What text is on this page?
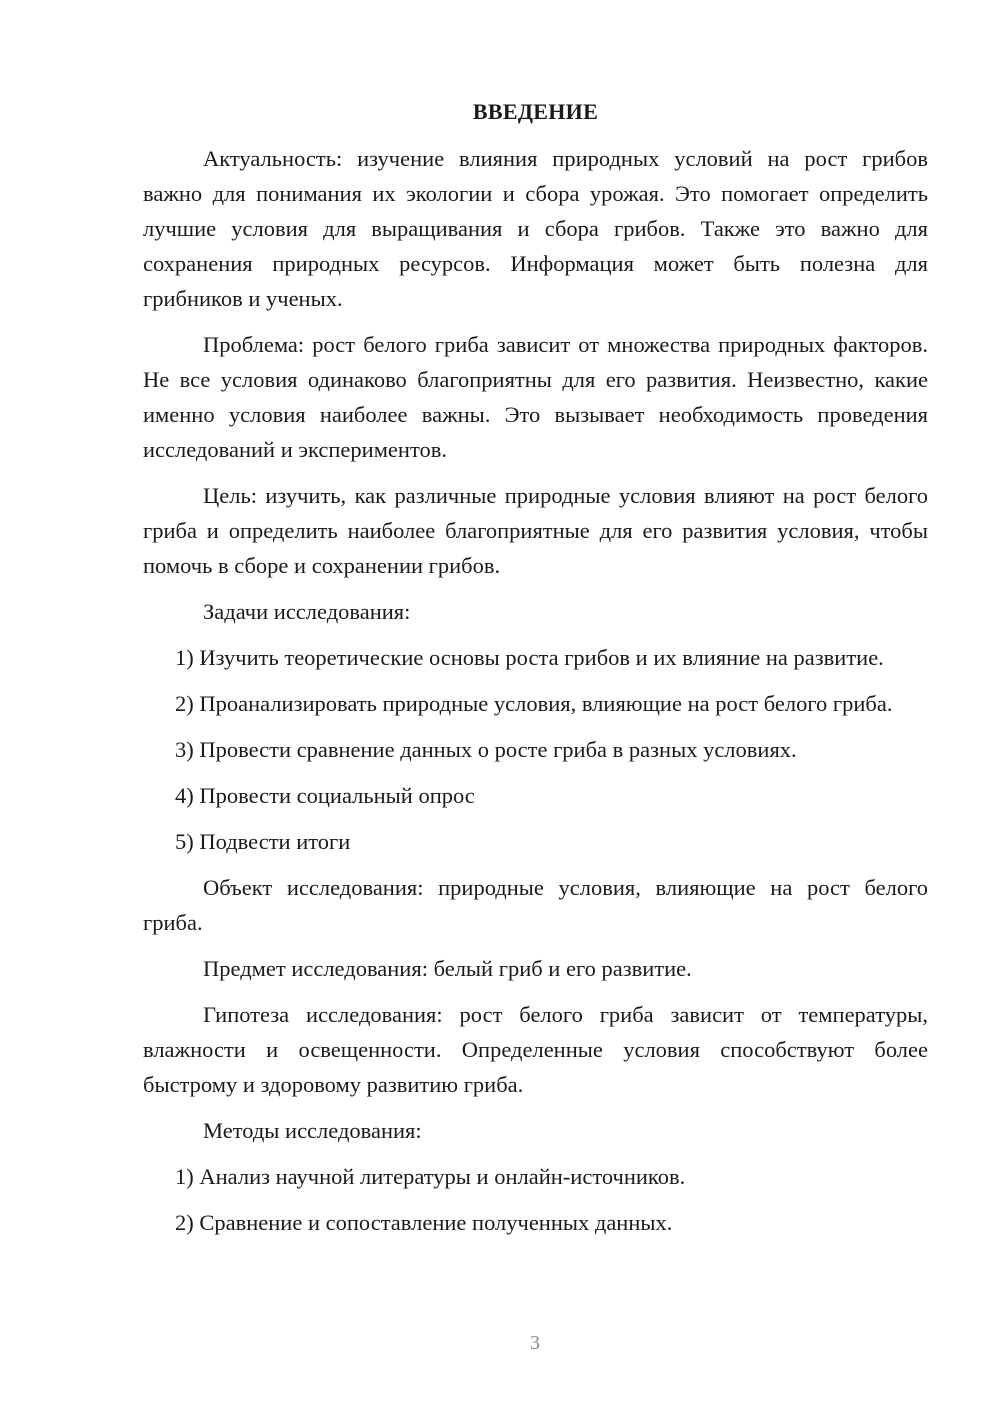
ВВЕДЕНИЕ

Актуальность: изучение влияния природных условий на рост грибов важно для понимания их экологии и сбора урожая. Это помогает определить лучшие условия для выращивания и сбора грибов. Также это важно для сохранения природных ресурсов. Информация может быть полезна для грибников и ученых.

Проблема: рост белого гриба зависит от множества природных факторов. Не все условия одинаково благоприятны для его развития. Неизвестно, какие именно условия наиболее важны. Это вызывает необходимость проведения исследований и экспериментов.

Цель: изучить, как различные природные условия влияют на рост белого гриба и определить наиболее благоприятные для его развития условия, чтобы помочь в сборе и сохранении грибов.

Задачи исследования:

1) Изучить теоретические основы роста грибов и их влияние на развитие.

2) Проанализировать природные условия, влияющие на рост белого гриба.

3) Провести сравнение данных о росте гриба в разных условиях.

4) Провести социальный опрос

5) Подвести итоги

Объект исследования: природные условия, влияющие на рост белого гриба.

Предмет исследования: белый гриб и его развитие.

Гипотеза исследования: рост белого гриба зависит от температуры, влажности и освещенности. Определенные условия способствуют более быстрому и здоровому развитию гриба.

Методы исследования:

1) Анализ научной литературы и онлайн-источников.

2) Сравнение и сопоставление полученных данных.

3
